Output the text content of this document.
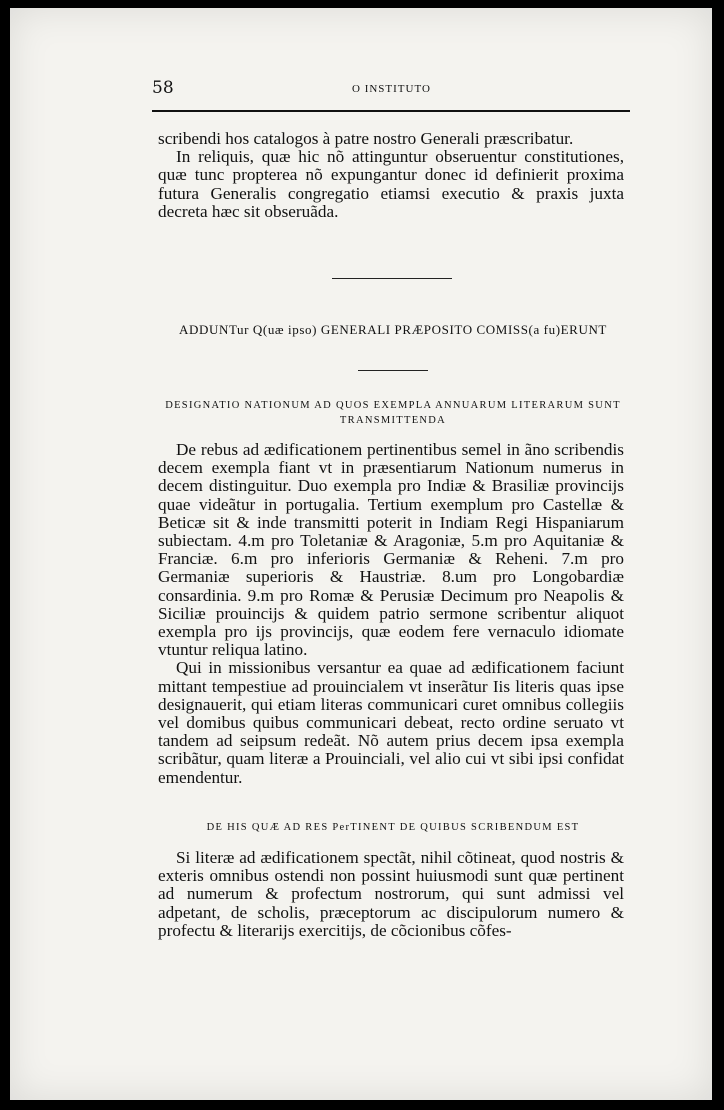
58	O INSTITUTO

scribendi hos catalogos à patre nostro Generali præscribatur.

In reliquis, quæ hic nõ attinguntur obseruentur constitutiones, quæ tunc propterea nõ expungantur donec id definierit proxima futura Generalis congregatio etiamsi executio & praxis juxta decreta hæc sit obseruãda.

ADDUNTur Q(uæ ipso) GENERALI PRÆPOSITO COMISS(a fu)ERUNT
DESIGNATIO NATIONUM AD QUOS EXEMPLA ANNUARUM LITERARUM SUNT TRANSMITTENDA

De rebus ad ædificationem pertinentibus semel in ãno scribendis decem exempla fiant vt in præsentiarum Nationum numerus in decem distinguitur. Duo exempla pro Indiæ & Brasiliæ provincijs quae videãtur in portugalia. Tertium exemplum pro Castellæ & Beticæ sit & inde transmitti poterit in Indiam Regi Hispaniarum subiectam. 4.m pro Toletaniæ & Aragoniæ, 5.m pro Aquitaniæ & Franciæ. 6.m pro inferioris Germaniæ & Reheni. 7.m pro Germaniæ superioris & Haustriæ. 8.um pro Longobardiæ consardinia. 9.m pro Romæ & Perusiæ Decimum pro Neapolis & Siciliæ prouincijs & quidem patrio sermone scribentur aliquot exempla pro ijs provincijs, quæ eodem fere vernaculo idiomate vtuntur reliqua latino.

Qui in missionibus versantur ea quae ad ædificationem faciunt mittant tempestiue ad prouincialem vt inserãtur Iis literis quas ipse designauerit, qui etiam literas communicari curet omnibus collegiis vel domibus quibus communicari debeat, recto ordine seruato vt tandem ad seipsum redeãt. Nõ autem prius decem ipsa exempla scribãtur, quam literæ a Prouinciali, vel alio cui vt sibi ipsi confidat emendentur.

DE HIS QUÆ AD RES PerTINENT DE QUIBUS SCRIBENDUM EST

Si literæ ad ædificationem spectãt, nihil cõtineat, quod nostris & exteris omnibus ostendi non possint huiusmodi sunt quæ pertinent ad numerum & profectum nostrorum, qui sunt admissi vel adpetant, de scholis, præceptorum ac discipulorum numero & profectu & literarijs exercitijs, de cõcionibus cõfes-
